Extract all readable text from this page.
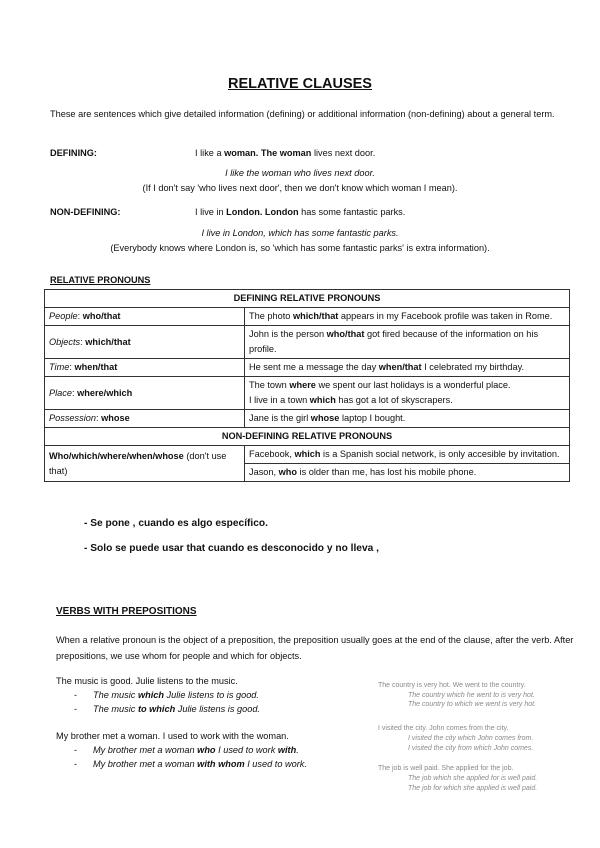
RELATIVE CLAUSES
These are sentences which give detailed information (defining) or additional information (non-defining) about a general term.
DEFINING:	I like a woman. The woman lives next door.
I like the woman who lives next door.
(If I don't say 'who lives next door', then we don't know which woman I mean).
NON-DEFINING:	I live in London. London has some fantastic parks.
I live in London, which has some fantastic parks.
(Everybody knows where London is, so 'which has some fantastic parks' is extra information).
RELATIVE PRONOUNS
DEFINING RELATIVE PRONOUNS	
People: who/that	The photo which/that appears in my Facebook profile was taken in Rome.
Objects: which/that	John is the person who/that got fired because of the information on his profile.
Time: when/that	He sent me a message the day when/that I celebrated my birthday.
Place: where/which	The town where we spent our last holidays is a wonderful place.
I live in a town which has got a lot of skyscrapers.
Possession: whose	Jane is the girl whose laptop I bought.
NON-DEFINING RELATIVE PRONOUNS	
Who/which/where/when/whose (don't use that)	Facebook, which is a Spanish social network, is only accesible by invitation.
	Jason, who is older than me, has lost his mobile phone.
- Se pone , cuando es algo específico.
- Solo se puede usar that cuando es desconocido y no lleva ,
VERBS WITH PREPOSITIONS
When a relative pronoun is the object of a preposition, the preposition usually goes at the end of the clause, after the verb. After prepositions, we use whom for people and which for objects.
The music is good. Julie listens to the music.
- The music which Julie listens to is good.
- The music to which Julie listens is good.
My brother met a woman. I used to work with the woman.
- My brother met a woman who I used to work with.
- My brother met a woman with whom I used to work.
The country is very hot. We went to the country.
The country which he went to is very hot.
The country to which we went is very hot.
I visited the city. John comes from the city.
I visited the city which John comes from.
I visited the city from which John comes.
The job is well paid. She applied for the job.
The job which she applied for is well paid.
The job for which she applied is well paid.
